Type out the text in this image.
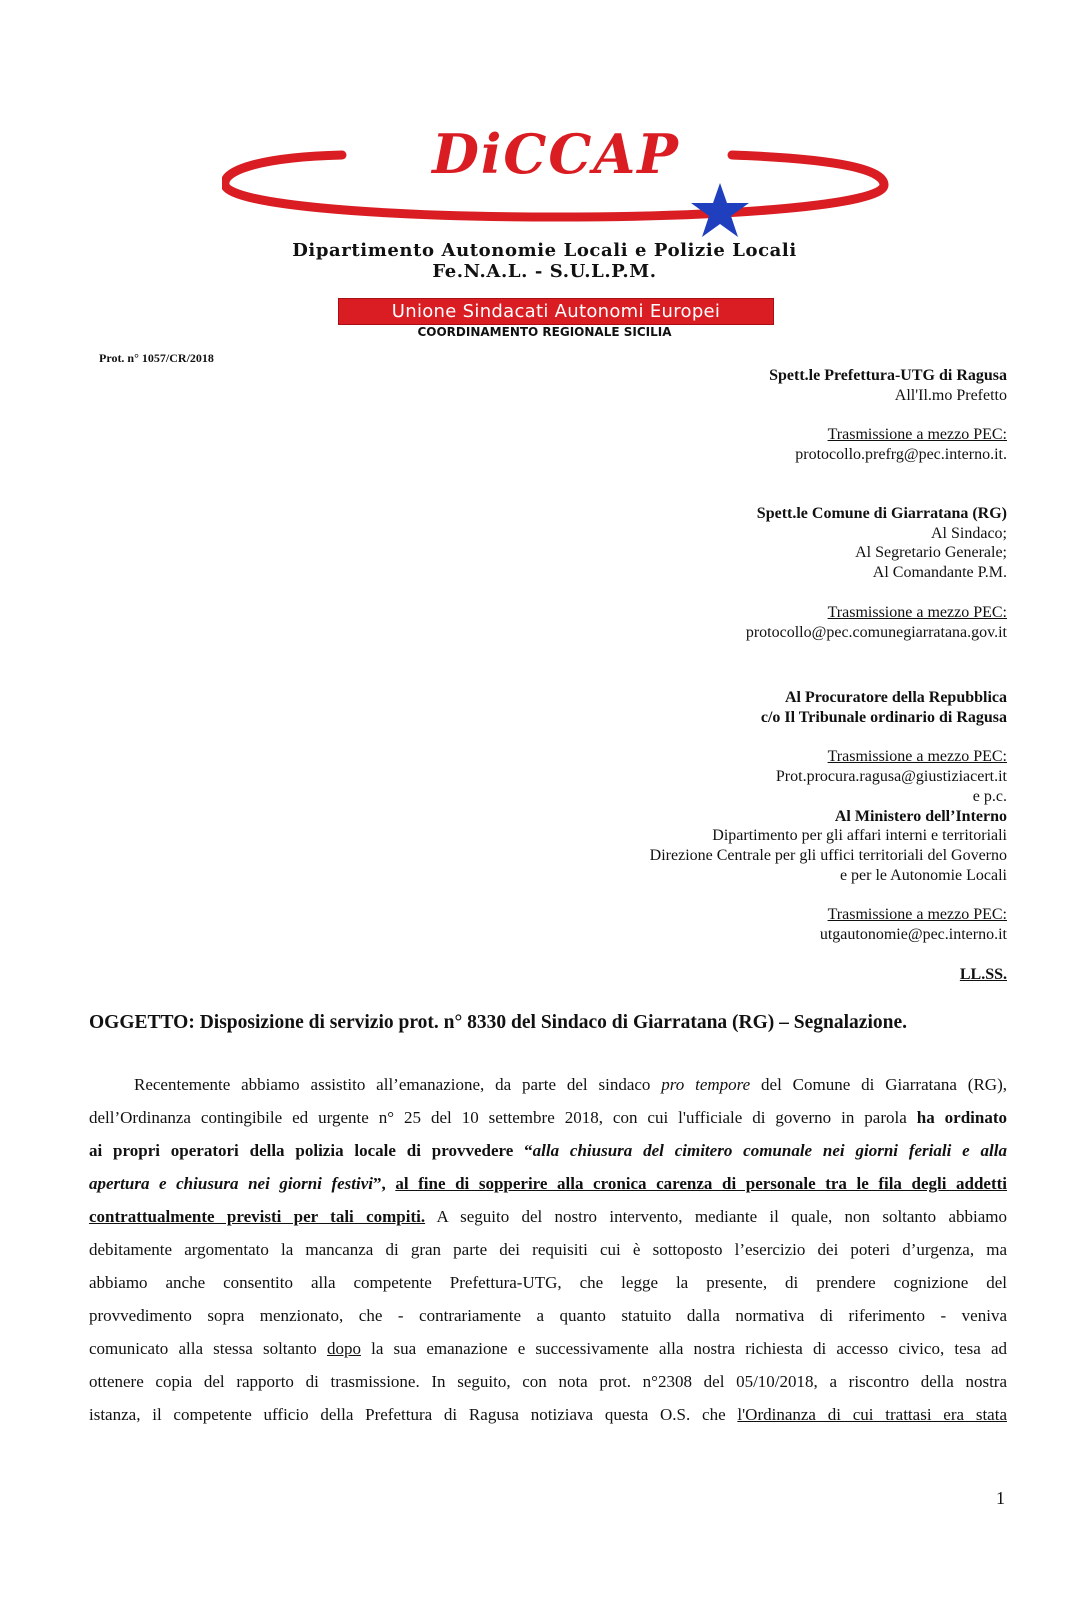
DiCCAP
Dipartimento Autonomie Locali e Polizie Locali
Fe.N.A.L. - S.U.L.P.M.
Unione Sindacati Autonomi Europei
COORDINAMENTO REGIONALE SICILIA
Prot. n° 1057/CR/2018
Spett.le Prefettura-UTG di Ragusa
All'Il.mo Prefetto
Trasmissione a mezzo PEC:
protocollo.prefrg@pec.interno.it.
Spett.le Comune di Giarratana (RG)
Al Sindaco;
Al Segretario Generale;
Al Comandante P.M.
Trasmissione a mezzo PEC:
protocollo@pec.comunegiarratana.gov.it
Al Procuratore della Repubblica
c/o Il Tribunale ordinario di Ragusa
Trasmissione a mezzo PEC:
Prot.procura.ragusa@giustiziacert.it
e p.c.
Al Ministero dell’Interno
Dipartimento per gli affari interni e territoriali
Direzione Centrale per gli uffici territoriali del Governo
e per le Autonomie Locali
Trasmissione a mezzo PEC:
utgautonomie@pec.interno.it
LL.SS.
OGGETTO: Disposizione di servizio prot. n° 8330 del Sindaco di Giarratana (RG) – Segnalazione.
Recentemente abbiamo assistito all’emanazione, da parte del sindaco pro tempore del Comune di Giarratana (RG),
dell’Ordinanza contingibile ed urgente n° 25 del 10 settembre 2018, con cui l'ufficiale di governo in parola ha ordinato
ai propri operatori della polizia locale di provvedere “alla chiusura del cimitero comunale nei giorni feriali e alla
apertura e chiusura nei giorni festivi”, al fine di sopperire alla cronica carenza di personale tra le fila degli addetti
contrattualmente previsti per tali compiti. A seguito del nostro intervento, mediante il quale, non soltanto abbiamo
debitamente argomentato la mancanza di gran parte dei requisiti cui è sottoposto l’esercizio dei poteri d’urgenza, ma
abbiamo anche consentito alla competente Prefettura-UTG, che legge la presente, di prendere cognizione del
provvedimento sopra menzionato, che - contrariamente a quanto statuito dalla normativa di riferimento - veniva
comunicato alla stessa soltanto dopo la sua emanazione e successivamente alla nostra richiesta di accesso civico, tesa ad
ottenere copia del rapporto di trasmissione. In seguito, con nota prot. n°2308 del 05/10/2018, a riscontro della nostra
istanza, il competente ufficio della Prefettura di Ragusa notiziava questa O.S. che l'Ordinanza di cui trattasi era stata
1
